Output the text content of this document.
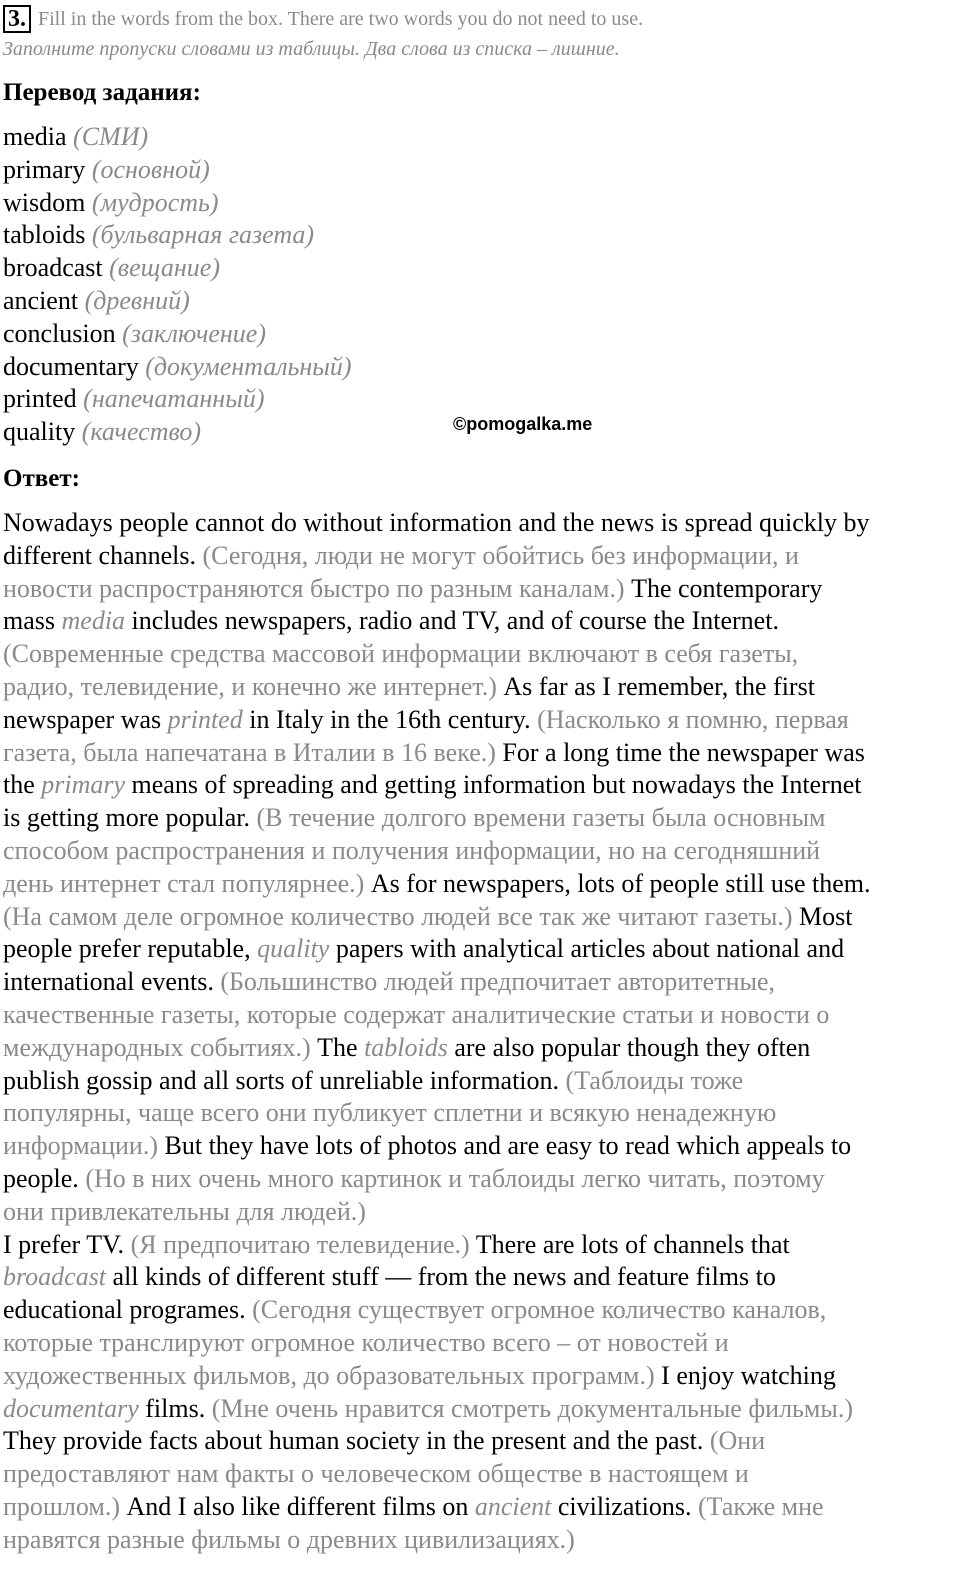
3. Fill in the words from the box. There are two words you do not need to use.
Заполните пропуски словами из таблицы. Два слова из списка – лишние.
Перевод задания:
media (СМИ)
primary (основной)
wisdom (мудрость)
tabloids (бульварная газета)
broadcast (вещание)
ancient (древний)
conclusion (заключение)
documentary (документальный)
printed (напечатанный)
quality (качество)	©pomogalka.me
Ответ:
Nowadays people cannot do without information and the news is spread quickly by
different channels. (Сегодня, люди не могут обойтись без информации, и
новости распространяются быстро по разным каналам.) The contemporary
mass media includes newspapers, radio and TV, and of course the Internet.
(Современные средства массовой информации включают в себя газеты,
радио, телевидение, и конечно же интернет.) As far as I remember, the first
newspaper was printed in Italy in the 16th century. (Насколько я помню, первая
газета, была напечатана в Италии в 16 веке.) For a long time the newspaper was
the primary means of spreading and getting information but nowadays the Internet
is getting more popular. (В течение долгого времени газеты была основным
способом распространения и получения информации, но на сегодняшний
день интернет стал популярнее.) As for newspapers, lots of people still use them.
(На самом деле огромное количество людей все так же читают газеты.) Most
people prefer reputable, quality papers with analytical articles about national and
international events. (Большинство людей предпочитает авторитетные,
качественные газеты, которые содержат аналитические статьи и новости о
международных событиях.) The tabloids are also popular though they often
publish gossip and all sorts of unreliable information. (Таблоиды тоже
популярны, чаще всего они публикует сплетни и всякую ненадежную
информации.) But they have lots of photos and are easy to read which appeals to
people. (Но в них очень много картинок и таблоиды легко читать, поэтому
они привлекательны для людей.)
I prefer TV. (Я предпочитаю телевидение.) There are lots of channels that
broadcast all kinds of different stuff — from the news and feature films to
educational programes. (Сегодня существует огромное количество каналов,
которые транслируют огромное количество всего – от новостей и
художественных фильмов, до образовательных программ.) I enjoy watching
documentary films. (Мне очень нравится смотреть документальные фильмы.)
They provide facts about human society in the present and the past. (Они
предоставляют нам факты о человеческом обществе в настоящем и
прошлом.) And I also like different films on ancient civilizations. (Также мне
нравятся разные фильмы о древних цивилизациях.)
